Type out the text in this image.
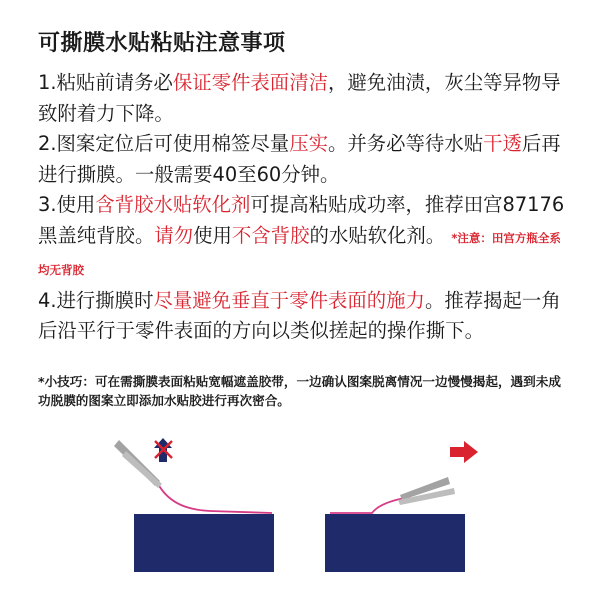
可撕膜水贴粘贴注意事项
1.粘贴前请务必保证零件表面清洁，避免油渍，灰尘等异物导致附着力下降。
2.图案定位后可使用棉签尽量压实。并务必等待水贴干透后再进行撕膜。一般需要40至60分钟。
3.使用含背胶水贴软化剂可提高粘贴成功率，推荐田宫87176黑盖纯背胶。请勿使用不含背胶的水贴软化剂。 *注意：田宫方瓶全系均无背胶
4.进行撕膜时尽量避免垂直于零件表面的施力。推荐揭起一角后沿平行于零件表面的方向以类似搓起的操作撕下。
*小技巧：可在需撕膜表面粘贴宽幅遮盖胶带，一边确认图案脱离情况一边慢慢揭起，遇到未成功脱膜的图案立即添加水贴胶进行再次密合。
